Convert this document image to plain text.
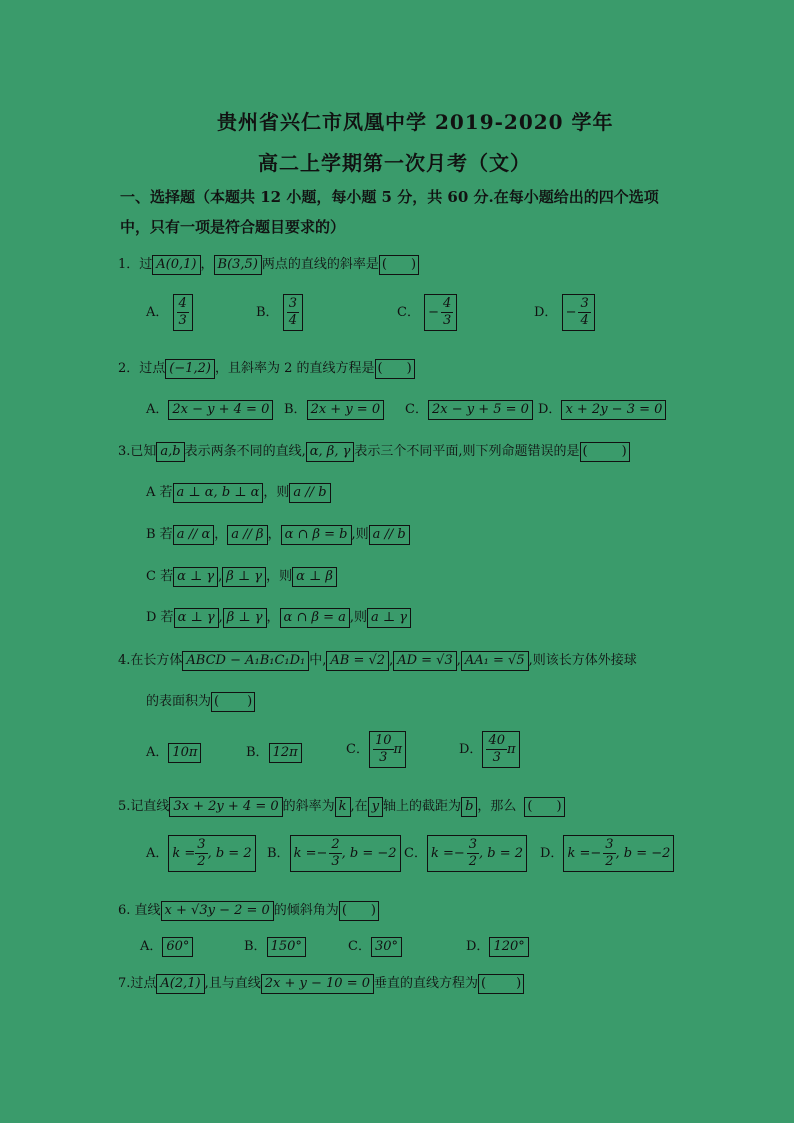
贵州省兴仁市凤凰中学 2019-2020 学年
高二上学期第一次月考（文）
一、选择题（本题共 12 小题，每小题 5 分，共 60 分.在每小题给出的四个选项
中，只有一项是符合题目要求的）
1．过 A(0,1) ， B(3,5) 两点的直线的斜率是 ( )
A． $\frac{4}{3}$	B． $\frac{3}{4}$	C． − $\frac{4}{3}$	D． − $\frac{3}{4}$
2．过点 (−1,2) ，且斜率为 2 的直线方程是 ( )
A． 2x − y + 4 = 0	B． 2x + y = 0	C． 2x − y + 5 = 0 D． x + 2y − 3 = 0
3.已知 a,b 表示两条不同的直线, α, β, γ 表示三个不同平面,则下列命题错误的是 (	)
A 若 a ⊥ α, b ⊥ α ，则 a // b
B 若 a // α ， a // β ， α ∩ β = b ,则 a // b
C 若 α ⊥ γ , β ⊥ γ ，则 α ⊥ β
D 若 α ⊥ γ , β ⊥ γ ， α ∩ β = a ,则 a ⊥ γ
4.在长方体 ABCD − A₁B₁C₁D₁ 中, AB = √2 , AD = √3 , AA₁ = √5 ,则该长方体外接球
的表面积为 ( )
A． 10π	B． 12π	C． $\frac{10}{3}$ π	D． $\frac{40}{3}$ π
5.记直线 3x + 2y + 4 = 0 的斜率为 k ,在 y 轴上的截距为 b ，那么 ( )
A． $k = \frac{3}{2}$ , b = 2 B． k = − $\frac{2}{3}$ , b = −2 C． k = − $\frac{3}{2}$ , b = 2 D． k = − $\frac{3}{2}$ , b = −2
6. 直线 x + √3y − 2 = 0 的倾斜角为 ( )
A． 60°	B． 150°	C． 30°	D． 120°
7.过点 A(2,1) ,且与直线 2x + y − 10 = 0 垂直的直线方程为 ( )
